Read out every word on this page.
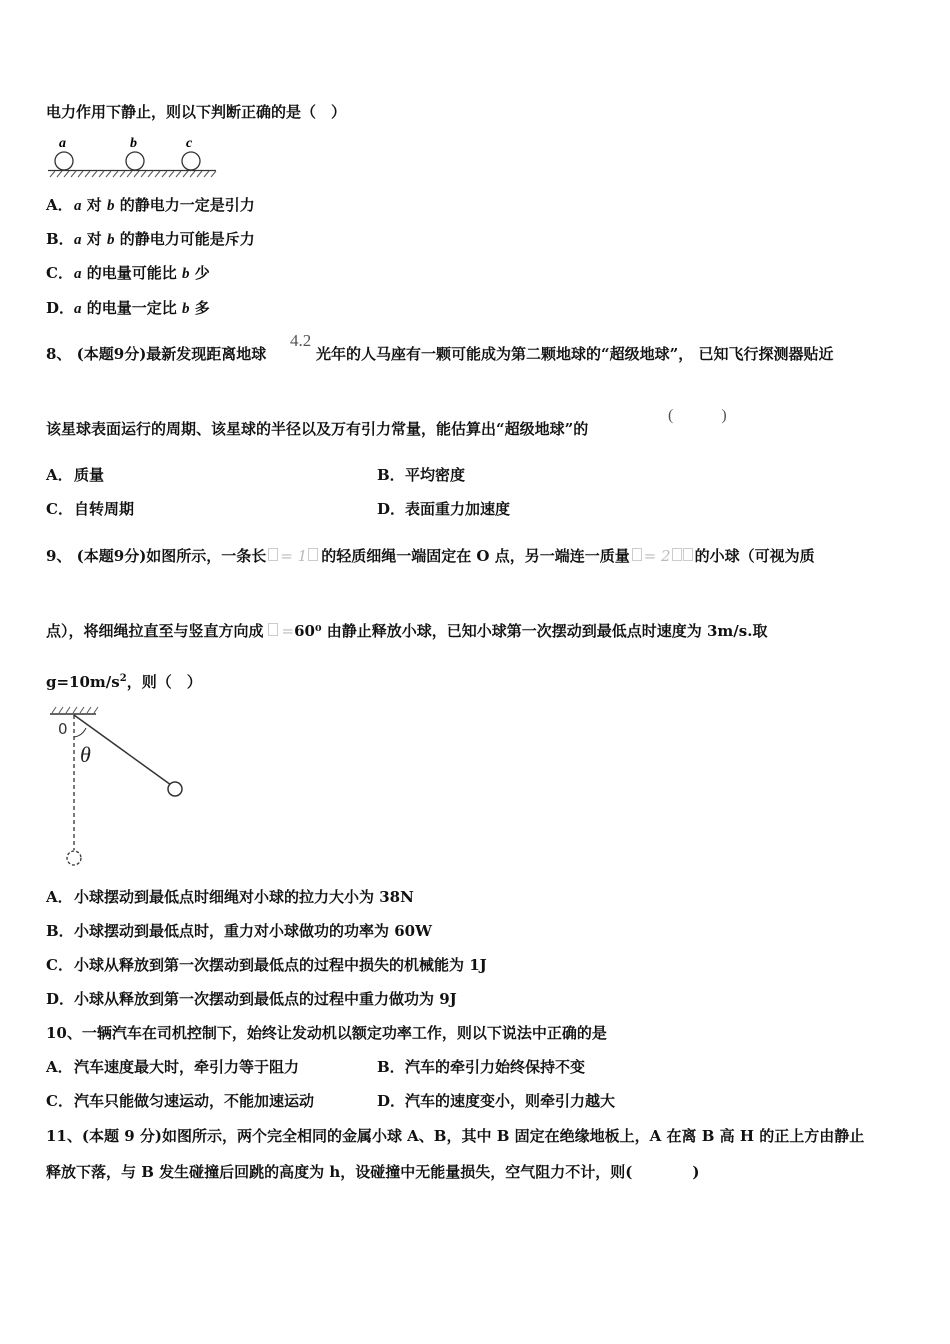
电力作用下静止，则以下判断正确的是（　）
a	b	c
A．a 对 b 的静电力一定是引力
B．a 对 b 的静电力可能是斥力
C．a 的电量可能比 b 少
D．a 的电量一定比 b 多
8、 (本题9分)最新发现距离地球
4.2
光年的人马座有一颗可能成为第二颗地球的“超级地球”， 已知飞行探测器贴近
该星球表面运行的周期、该星球的半径以及万有引力常量，能估算出“超级地球”的
(　　　)
A．质量	B．平均密度
C．自转周期	D．表面重力加速度
9、 (本题9分)如图所示，一条长 = 1 的轻质细绳一端固定在 O 点，另一端连一质量 = 2 的小球（可视为质
点），将细绳拉直至与竖直方向成 =60⁰ 由静止释放小球，已知小球第一次摆动到最低点时速度为 3m/s.取
$g=10m/s^2$，则（　）
0
θ
A．小球摆动到最低点时细绳对小球的拉力大小为 38N
B．小球摆动到最低点时，重力对小球做功的功率为 60W
C．小球从释放到第一次摆动到最低点的过程中损失的机械能为 1J
D．小球从释放到第一次摆动到最低点的过程中重力做功为 9J
10、一辆汽车在司机控制下，始终让发动机以额定功率工作，则以下说法中正确的是
A．汽车速度最大时，牵引力等于阻力	B．汽车的牵引力始终保持不变
C．汽车只能做匀速运动，不能加速运动	D．汽车的速度变小，则牵引力越大
11、(本题 9 分)如图所示，两个完全相同的金属小球 A、B，其中 B 固定在绝缘地板上，A 在离 B 高 H 的正上方由静止
释放下落，与 B 发生碰撞后回跳的高度为 h，设碰撞中无能量损失，空气阻力不计，则(　　　　)
